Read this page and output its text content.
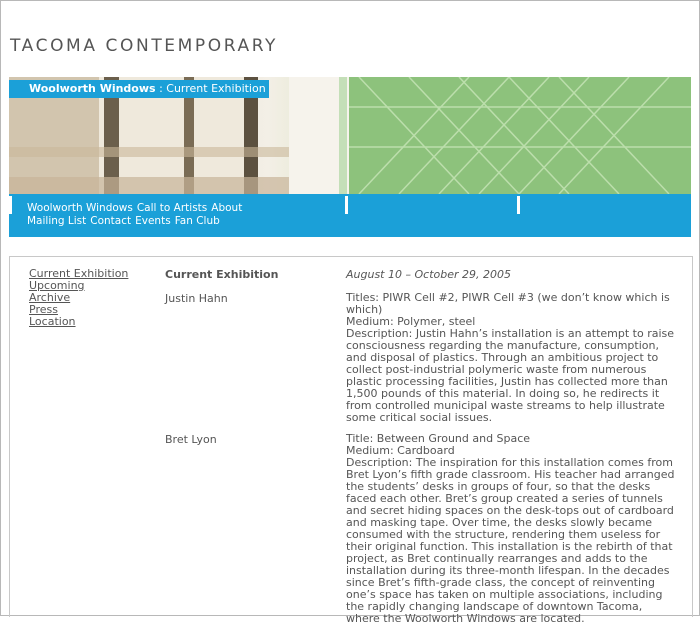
TACOMA CONTEMPORARY
Woolworth Windows : Current Exhibition
Woolworth Windows Call to Artists About
Mailing List Contact Events Fan Club
Current Exhibition
Upcoming
Archive
Press
Location
Current Exhibition	August 10 – October 29, 2005
Justin Hahn	Titles: PIWR Cell #2, PIWR Cell #3 (we don’t know which is which)
Medium: Polymer, steel
Description: Justin Hahn’s installation is an attempt to raise consciousness regarding the manufacture, consumption, and disposal of plastics. Through an ambitious project to collect post-industrial polymeric waste from numerous plastic processing facilities, Justin has collected more than 1,500 pounds of this material. In doing so, he redirects it from controlled municipal waste streams to help illustrate some critical social issues.
Bret Lyon	Title: Between Ground and Space
Medium: Cardboard
Description: The inspiration for this installation comes from Bret Lyon’s fifth grade classroom. His teacher had arranged the students’ desks in groups of four, so that the desks faced each other. Bret’s group created a series of tunnels and secret hiding spaces on the desk-tops out of cardboard and masking tape. Over time, the desks slowly became consumed with the structure, rendering them useless for their original function. This installation is the rebirth of that project, as Bret continually rearranges and adds to the installation during its three-month lifespan. In the decades since Bret’s fifth-grade class, the concept of reinventing one’s space has taken on multiple associations, including the rapidly changing landscape of downtown Tacoma, where the Woolworth Windows are located.
